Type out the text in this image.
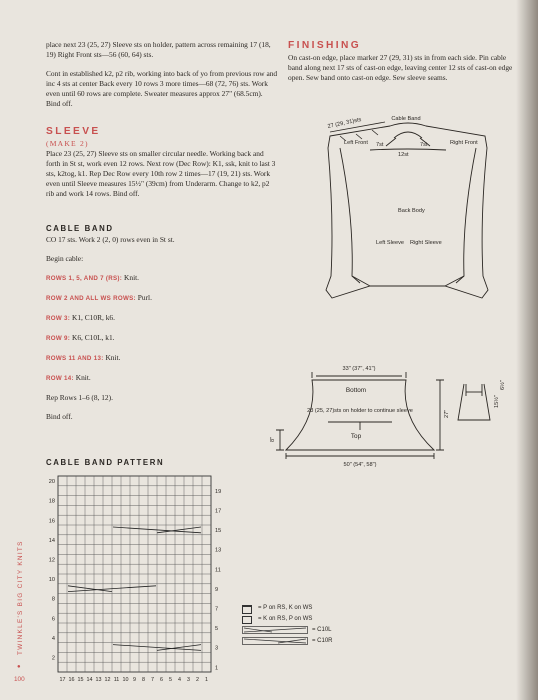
place next 23 (25, 27) Sleeve sts on holder, pattern across remaining 17 (18, 19) Right Front sts—56 (60, 64) sts.

Cont in established k2, p2 rib, working into back of yo from previous row and inc 4 sts at center Back every 10 rows 3 more times—68 (72, 76) sts. Work even until 60 rows are complete. Sweater measures approx 27" (68.5cm). Bind off.

SLEEVE
(MAKE 2)

Place 23 (25, 27) Sleeve sts on smaller circular needle. Working back and forth in St st, work even 12 rows. Next row (Dec Row): K1, ssk, knit to last 3 sts, k2tog, k1. Rep Dec Row every 10th row 2 times—17 (19, 21) sts. Work even until Sleeve measures 15½" (39cm) from Underarm. Change to k2, p2 rib and work 14 rows. Bind off.

CABLE BAND

CO 17 sts. Work 2 (2, 0) rows even in St st.

Begin cable:

ROWS 1, 5, AND 7 (RS): Knit.
ROW 2 AND ALL WS ROWS: Purl.
ROW 3: K1, C10R, k6.
ROW 9: K6, C10L, k1.
ROWS 11 AND 13: Knit.
ROW 14: Knit.

Rep Rows 1–6 (8, 12).

Bind off.

FINISHING

On cast-on edge, place marker 27 (29, 31) sts in from each side. Pin cable band along next 17 sts of cast-on edge, leaving center 12 sts of cast-on edge open. Sew band onto cast-on edge. Sew sleeve seams.

27 (29, 31)sts	Cable Band
Left Front	Right Front
7st	7st
12st
Back Body
Left Sleeve Right Sleeve
33" (37", 41")
Bottom
23 (25, 27)sts on holder to continue sleeve
Top
50" (54", 58")
27"
8"
15½"
6½"
CABLE BAND PATTERN
2
4
6
8
10
12
14
16
18
20
1
3
5
7
9
11
13
15
17
19
17 16 15 14 13 12 11 10 9 8 7 6 5 4 3 2 1
= P on RS, K on WS
= K on RS, P on WS
= C10L
= C10R
TWINKLE'S BIG CITY KNITS
●
100
